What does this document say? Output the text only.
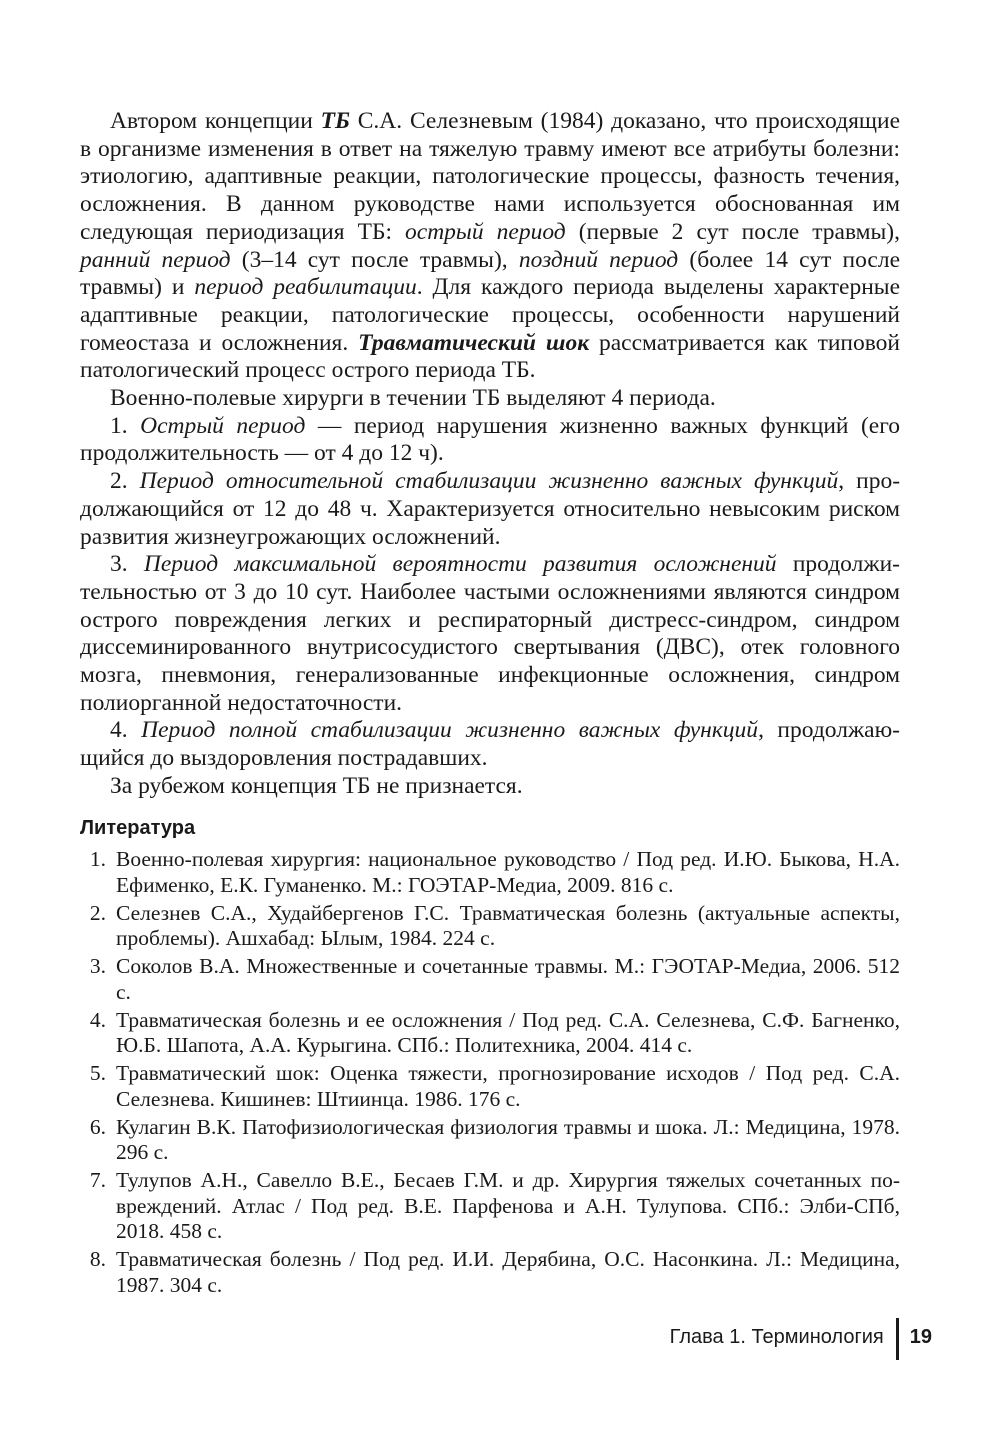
Автором концепции ТБ С.А. Селезневым (1984) доказано, что происходящие в организме изменения в ответ на тяжелую травму имеют все атрибуты болезни: этиологию, адаптивные реакции, патологические процессы, фазность течения, осложнения. В данном руководстве нами используется обоснованная им следующая периодизация ТБ: острый период (первые 2 сут после травмы), ранний период (3–14 сут после травмы), поздний период (более 14 сут после травмы) и период реабилитации. Для каждого периода выделены характерные адаптивные реакции, патологические процессы, особенности нарушений гомеостаза и осложнения. Травматический шок рассматривается как типовой патологический процесс острого периода ТБ.

Военно-полевые хирурги в течении ТБ выделяют 4 периода.

1. Острый период — период нарушения жизненно важных функций (его продолжительность — от 4 до 12 ч).

2. Период относительной стабилизации жизненно важных функций, продолжающийся от 12 до 48 ч. Характеризуется относительно невысоким риском развития жизнеугрожающих осложнений.

3. Период максимальной вероятности развития осложнений продолжительностью от 3 до 10 сут. Наиболее частыми осложнениями являются синдром острого повреждения легких и респираторный дистресс-синдром, синдром диссеминированного внутрисосудистого свертывания (ДВС), отек головного мозга, пневмония, генерализованные инфекционные осложнения, синдром полиорганной недостаточности.

4. Период полной стабилизации жизненно важных функций, продолжающийся до выздоровления пострадавших.

За рубежом концепция ТБ не признается.

Литература
1. Военно-полевая хирургия: национальное руководство / Под ред. И.Ю. Быкова, Н.А. Ефименко, Е.К. Гуманенко. М.: ГОЭТАР-Медиа, 2009. 816 с.
2. Селезнев С.А., Худайбергенов Г.С. Травматическая болезнь (актуальные аспекты, проблемы). Ашхабад: Ылым, 1984. 224 с.
3. Соколов В.А. Множественные и сочетанные травмы. М.: ГЭОТАР-Медиа, 2006. 512 с.
4. Травматическая болезнь и ее осложнения / Под ред. С.А. Селезнева, С.Ф. Багненко, Ю.Б. Шапота, А.А. Курыгина. СПб.: Политехника, 2004. 414 с.
5. Травматический шок: Оценка тяжести, прогнозирование исходов / Под ред. С.А. Селезнева. Кишинев: Штиинца. 1986. 176 с.
6. Кулагин В.К. Патофизиологическая физиология травмы и шока. Л.: Медицина, 1978. 296 с.
7. Тулупов А.Н., Савелло В.Е., Бесаев Г.М. и др. Хирургия тяжелых сочетанных повреждений. Атлас / Под ред. В.Е. Парфенова и А.Н. Тулупова. СПб.: Элби-СПб, 2018. 458 с.
8. Травматическая болезнь / Под ред. И.И. Дерябина, О.С. Насонкина. Л.: Медицина, 1987. 304 с.
Глава 1. Терминология	19
